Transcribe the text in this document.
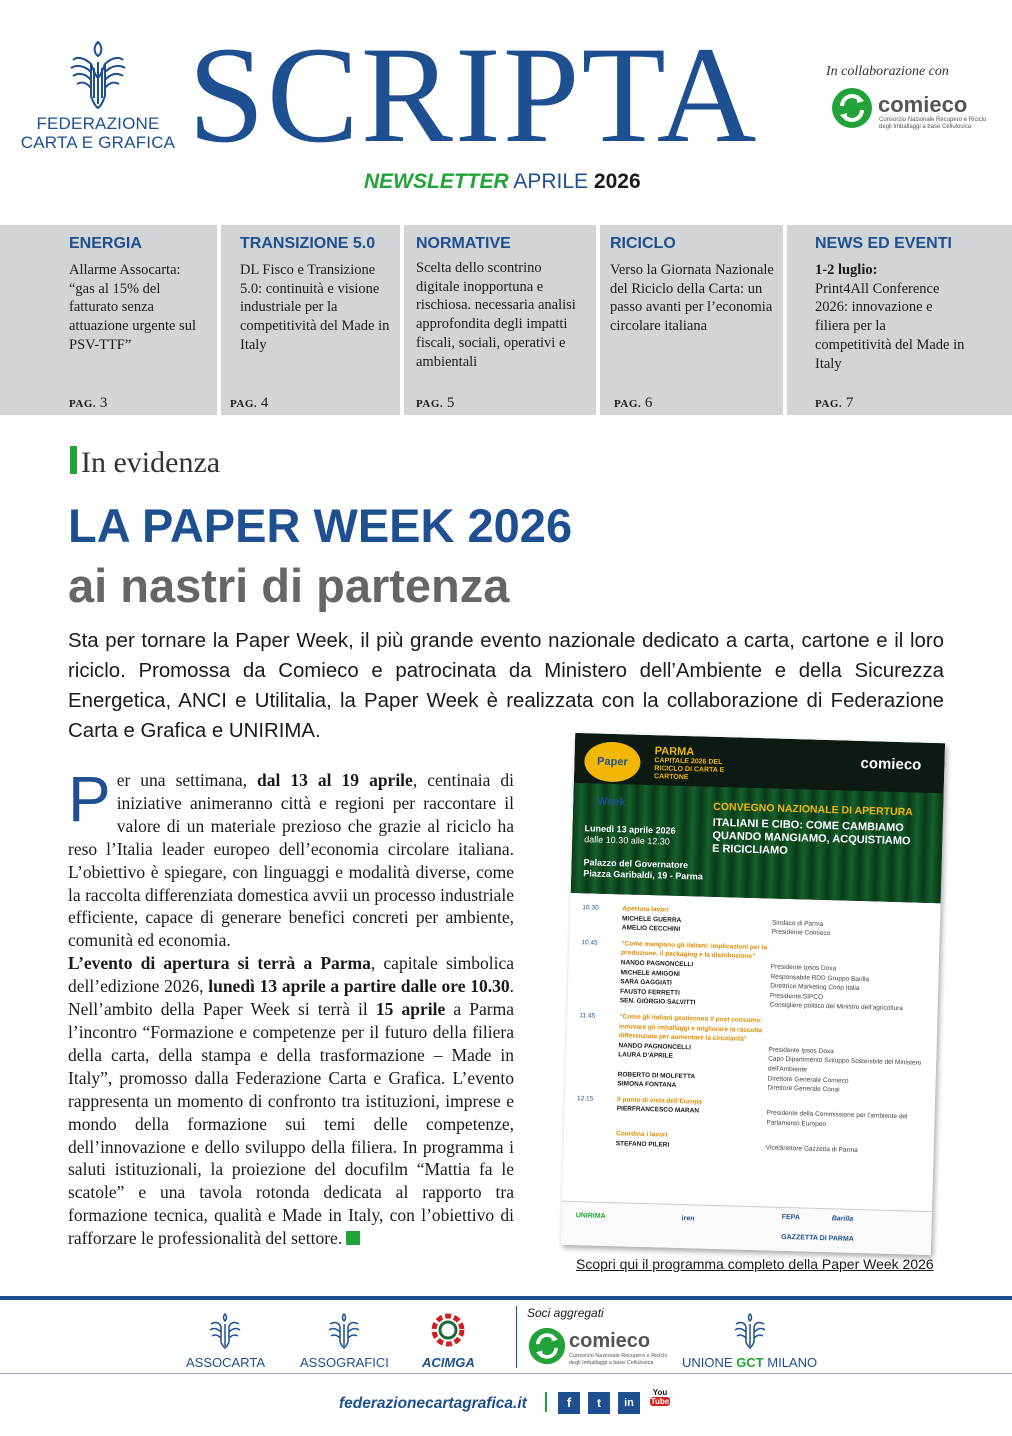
FEDERAZIONE
CARTA E GRAFICA SCRIPTA
NEWSLETTER APRILE 2026
In collaborazione con
comieco
Consorzio Nazionale Recupero e Riciclo
degli Imballaggi a base Cellulosica
ENERGIA
Allarme Assocarta: “gas al 15% del fatturato senza attuazione urgente sul PSV-TTF”
PAG. 3
TRANSIZIONE 5.0
DL Fisco e Transizione 5.0: continuità e visione industriale per la competitività del Made in Italy
PAG. 4
NORMATIVE
Scelta dello scontrino digitale inopportuna e rischiosa. necessaria analisi approfondita degli impatti fiscali, sociali, operativi e ambientali
PAG. 5
RICICLO
Verso la Giornata Nazionale del Riciclo della Carta: un passo avanti per l’economia circolare italiana
PAG. 6
NEWS ED EVENTI
1-2 luglio:
Print4All Conference 2026: innovazione e filiera per la competitività del Made in Italy
PAG. 7
In evidenza
LA PAPER WEEK 2026
ai nastri di partenza
Sta per tornare la Paper Week, il più grande evento nazionale dedicato a carta, cartone e il loro riciclo. Promossa da Comieco e patrocinata da Ministero dell’Ambiente e della Sicurezza Energetica, ANCI e Utilitalia, la Paper Week è realizzata con la collaborazione di Federazione Carta e Grafica e UNIRIMA.
Per una settimana, dal 13 al 19 aprile, centinaia di iniziative animeranno città e regioni per raccontare il valore di un materiale prezioso che grazie al riciclo ha reso l’Italia leader europeo dell’economia circolare italiana. L’obiettivo è spiegare, con linguaggi e modalità diverse, come la raccolta differenziata domestica avvii un processo industriale efficiente, capace di generare benefici concreti per ambiente, comunità ed economia.
L’evento di apertura si terrà a Parma, capitale simbolica dell’edizione 2026, lunedì 13 aprile a partire dalle ore 10.30. Nell’ambito della Paper Week si terrà il 15 aprile a Parma l’incontro “Formazione e competenze per il futuro della filiera della carta, della stampa e della trasformazione – Made in Italy”, promosso dalla Federazione Carta e Grafica. L’evento rappresenta un momento di confronto tra istituzioni, imprese e mondo della formazione sui temi delle competenze, dell’innovazione e dello sviluppo della filiera. In programma i saluti istituzionali, la proiezione del docufilm “Mattia fa le scatole” e una tavola rotonda dedicata al rapporto tra formazione tecnica, qualità e Made in Italy, con l’obiettivo di rafforzare le professionalità del settore.
Paper Week
PARMA
CAPITALE 2026 DEL RICICLO DI CARTA E CARTONE
comieco
CONVEGNO NAZIONALE DI APERTURA
ITALIANI E CIBO: COME CAMBIAMO QUANDO MANGIAMO, ACQUISTIAMO E RICICLIAMO
Lunedì 13 aprile 2026
dalle 10.30 alle 12.30
Palazzo del Governatore
Piazza Garibaldi, 19 - Parma
10.30	Apertura lavori
MICHELE GUERRA	Sindaco di Parma
AMELIO CECCHINI	Presidente Comieco
10.45	“Come mangiano gli italiani: implicazioni per la produzione, il packaging e la distribuzione”
NANDO PAGNONCELLI	Presidente Ipsos Doxa
MICHELE AMIGONI	Responsabile RDD Gruppo Barilla
SARA GAGGIATI	Direttrice Marketing Coop Italia
FAUSTO FERRETTI	Presidente SIPCO
SEN. GIORGIO SALVITTI	Consigliere politico del Ministro dell’agricoltura
11.45	“Come gli italiani gestiscono il post consumo: innovare gli imballaggi e migliorare la raccolta differenziata per aumentare la circolarità”
NANDO PAGNONCELLI	Presidente Ipsos Doxa
LAURA D’APRILE	Capo Dipartimento Sviluppo Sostenibile del Ministero dell’Ambiente
ROBERTO DI MOLFETTA	Direttore Generale Comieco
SIMONA FONTANA	Direttore Generale Conai
12.15	Il punto di vista dell’Europa
PIERFRANCESCO MARAN	Presidente della Commissione per l’ambiente del Parlamento Europeo
Coordina i lavori
STEFANO PILERI	Vicedirettore Gazzetta di Parma
UNIRIMA	iren	FEPA	Barilla
GAZZETTA DI PARMA
Scopri qui il programma completo della Paper Week 2026
ASSOCARTA	ASSOGRAFICI	ACIMGA
Soci aggregati
comieco
Consorzio Nazionale Recupero e Riciclo
degli Imballaggi a base Cellulosica	UNIONE GCT MILANO
federazionecartagrafica.it	f	t	in
You
Tube
